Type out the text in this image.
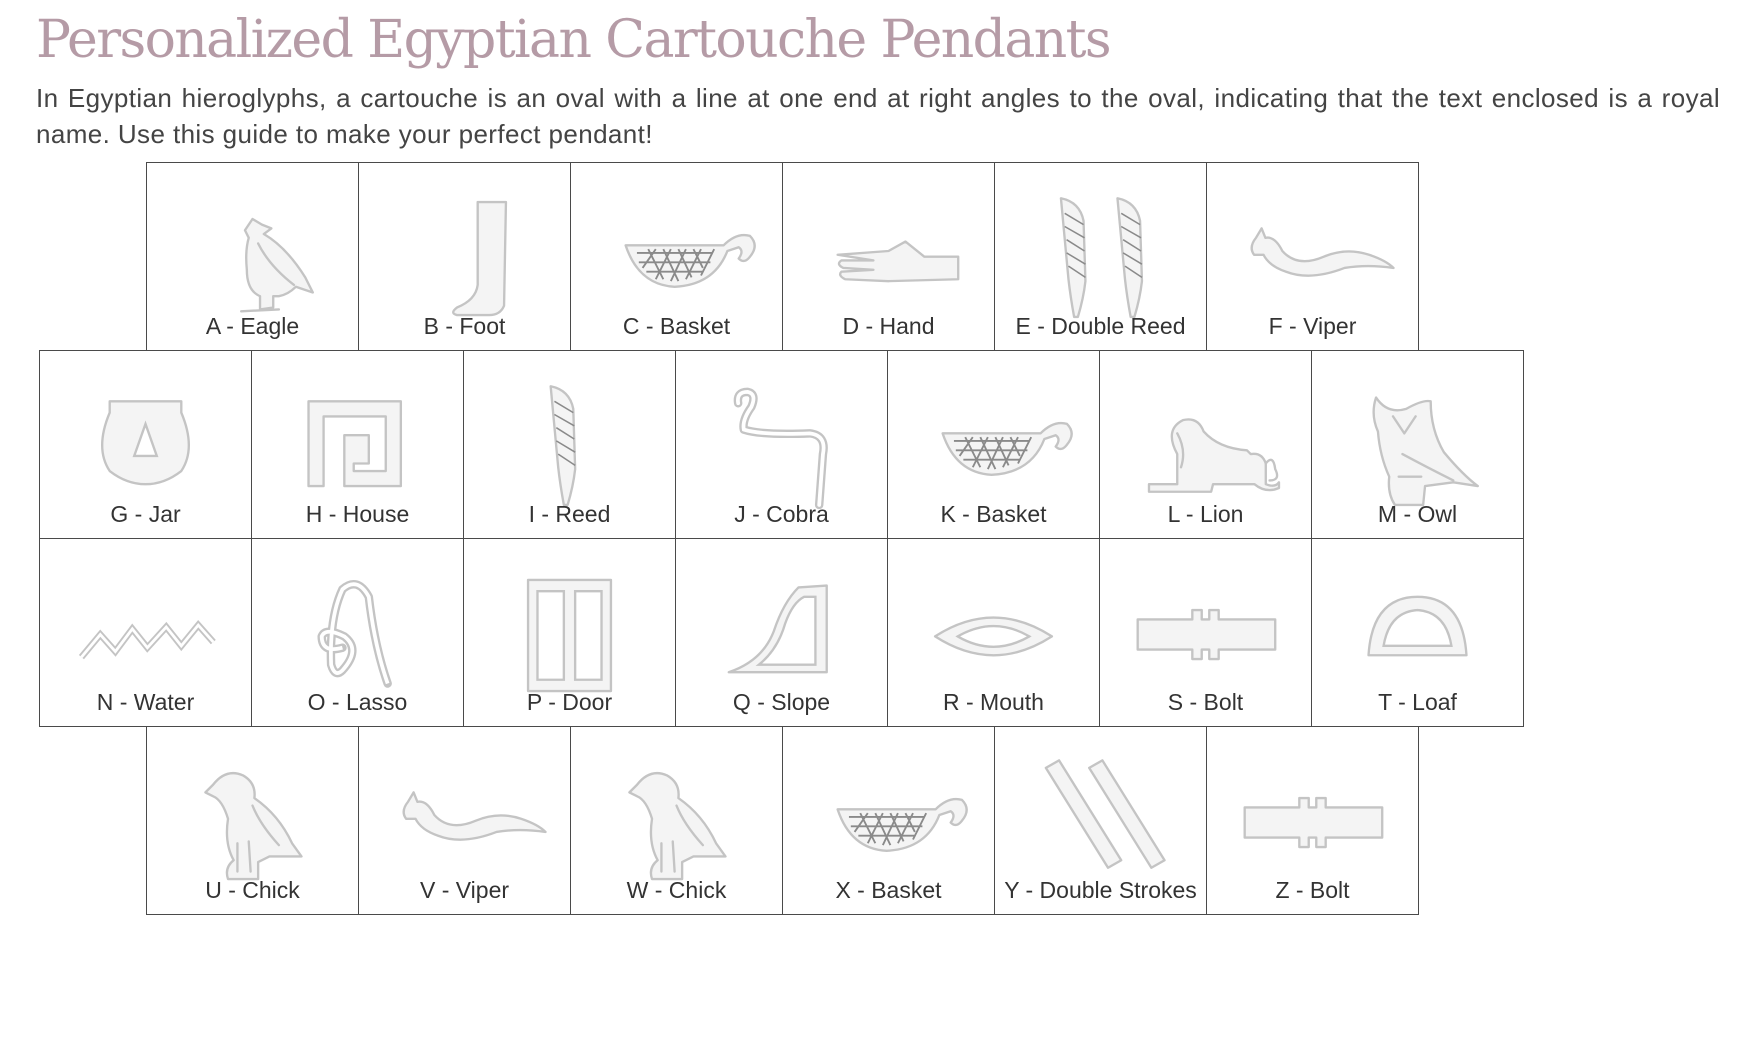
Personalized Egyptian Cartouche Pendants

In Egyptian hieroglyphs, a cartouche is an oval with a line at one end at right angles to the oval, indicating that the text enclosed is a royal name. Use this guide to make your perfect pendant!

A - Eagle	B - Foot	C - Basket	D - Hand	E - Double Reed	F - Viper
G - Jar	H - House	I - Reed	J - Cobra	K - Basket	L - Lion	M - Owl
N - Water	O - Lasso	P - Door	Q - Slope	R - Mouth	S - Bolt	T - Loaf
U - Chick	V - Viper	W - Chick	X - Basket	Y - Double Strokes	Z - Bolt
